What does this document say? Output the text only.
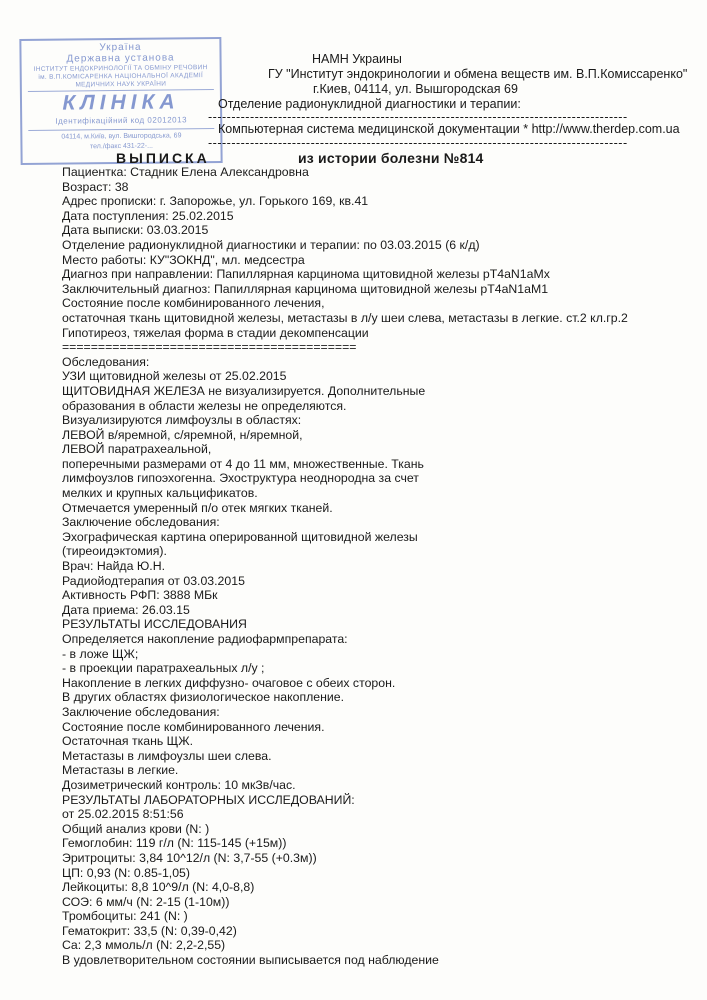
Україна
Державна установа
ІНСТИТУТ ЕНДОКРИНОЛОГІЇ ТА ОБМІНУ РЕЧОВИН
ім. В.П.КОМІСАРЕНКА НАЦІОНАЛЬНОЇ АКАДЕМІЇ
МЕДИЧНИХ НАУК УКРАЇНИ
КЛІНІКА
Ідентифікаційний код 02012013
04114, м.Київ, вул. Вишгородська, 69
тел./факс 431-22-...
НАМН Украины
ГУ "Институт эндокринологии и обмена веществ им. В.П.Комиссаренко"
г.Киев, 04114, ул. Вышгородская 69
Отделение радионуклидной диагностики и терапии:
------------------------------------------------------------------------------------------
Компьютерная система медицинской документации * http://www.therdep.com.ua
------------------------------------------------------------------------------------------
ВЫПИСКА	из истории болезни №814
Пациентка: Стадник Елена Александровна
Возраст: 38
Адрес прописки: г. Запорожье, ул. Горького 169, кв.41
Дата поступления: 25.02.2015
Дата выписки: 03.03.2015
Отделение радионуклидной диагностики и терапии: по 03.03.2015 (6 к/д)
Место работы: КУ"ЗОКНД", мл. медсестра
Диагноз при направлении: Папиллярная карцинома щитовидной железы pT4aN1aMx
Заключительный диагноз: Папиллярная карцинома щитовидной железы pT4aN1aM1
Состояние после комбинированного лечения,
остаточная ткань щитовидной железы, метастазы в л/у шеи слева, метастазы в легкие. ст.2 кл.гр.2
Гипотиреоз, тяжелая форма в стадии декомпенсации
=========================================
Обследования:
УЗИ щитовидной железы от 25.02.2015
ЩИТОВИДНАЯ ЖЕЛЕЗА не визуализируется. Дополнительные
образования в области железы не определяются.
Визуализируются лимфоузлы в областях:
ЛЕВОЙ в/яремной, с/яремной, н/яремной,
ЛЕВОЙ паратрахеальной,
поперечными размерами от 4 до 11 мм, множественные. Ткань
лимфоузлов гипоэхогенна. Эхоструктура неоднородна за счет
мелких и крупных кальцификатов.
Отмечается умеренный п/о отек мягких тканей.
Заключение обследования:
Эхографическая картина оперированной щитовидной железы
(тиреоидэктомия).
Врач: Найда Ю.Н.
Радиойодтерапия от 03.03.2015
Активность РФП: 3888 МБк
Дата приема: 26.03.15
РЕЗУЛЬТАТЫ ИССЛЕДОВАНИЯ
Определяется накопление радиофармпрепарата:
- в ложе ЩЖ;
- в проекции паратрахеальных л/у ;
Накопление в легких диффузно- очаговое с обеих сторон.
В других областях физиологическое накопление.
Заключение обследования:
Состояние после комбинированного лечения.
Остаточная ткань ЩЖ.
Метастазы в лимфоузлы шеи слева.
Метастазы в легкие.
Дозиметрический контроль: 10 мкЗв/час.
РЕЗУЛЬТАТЫ ЛАБОРАТОРНЫХ ИССЛЕДОВАНИЙ:
от 25.02.2015 8:51:56
Общий анализ крови (N: )
Гемоглобин: 119 г/л (N: 115-145 (+15м))
Эритроциты: 3,84 10^12/л (N: 3,7-55 (+0.3м))
ЦП: 0,93 (N: 0.85-1,05)
Лейкоциты: 8,8 10^9/л (N: 4,0-8,8)
СОЭ: 6 мм/ч (N: 2-15 (1-10м))
Тромбоциты: 241 (N: )
Гематокрит: 33,5 (N: 0,39-0,42)
Ca: 2,3 ммоль/л (N: 2,2-2,55)
В удовлетворительном состоянии выписывается под наблюдение
